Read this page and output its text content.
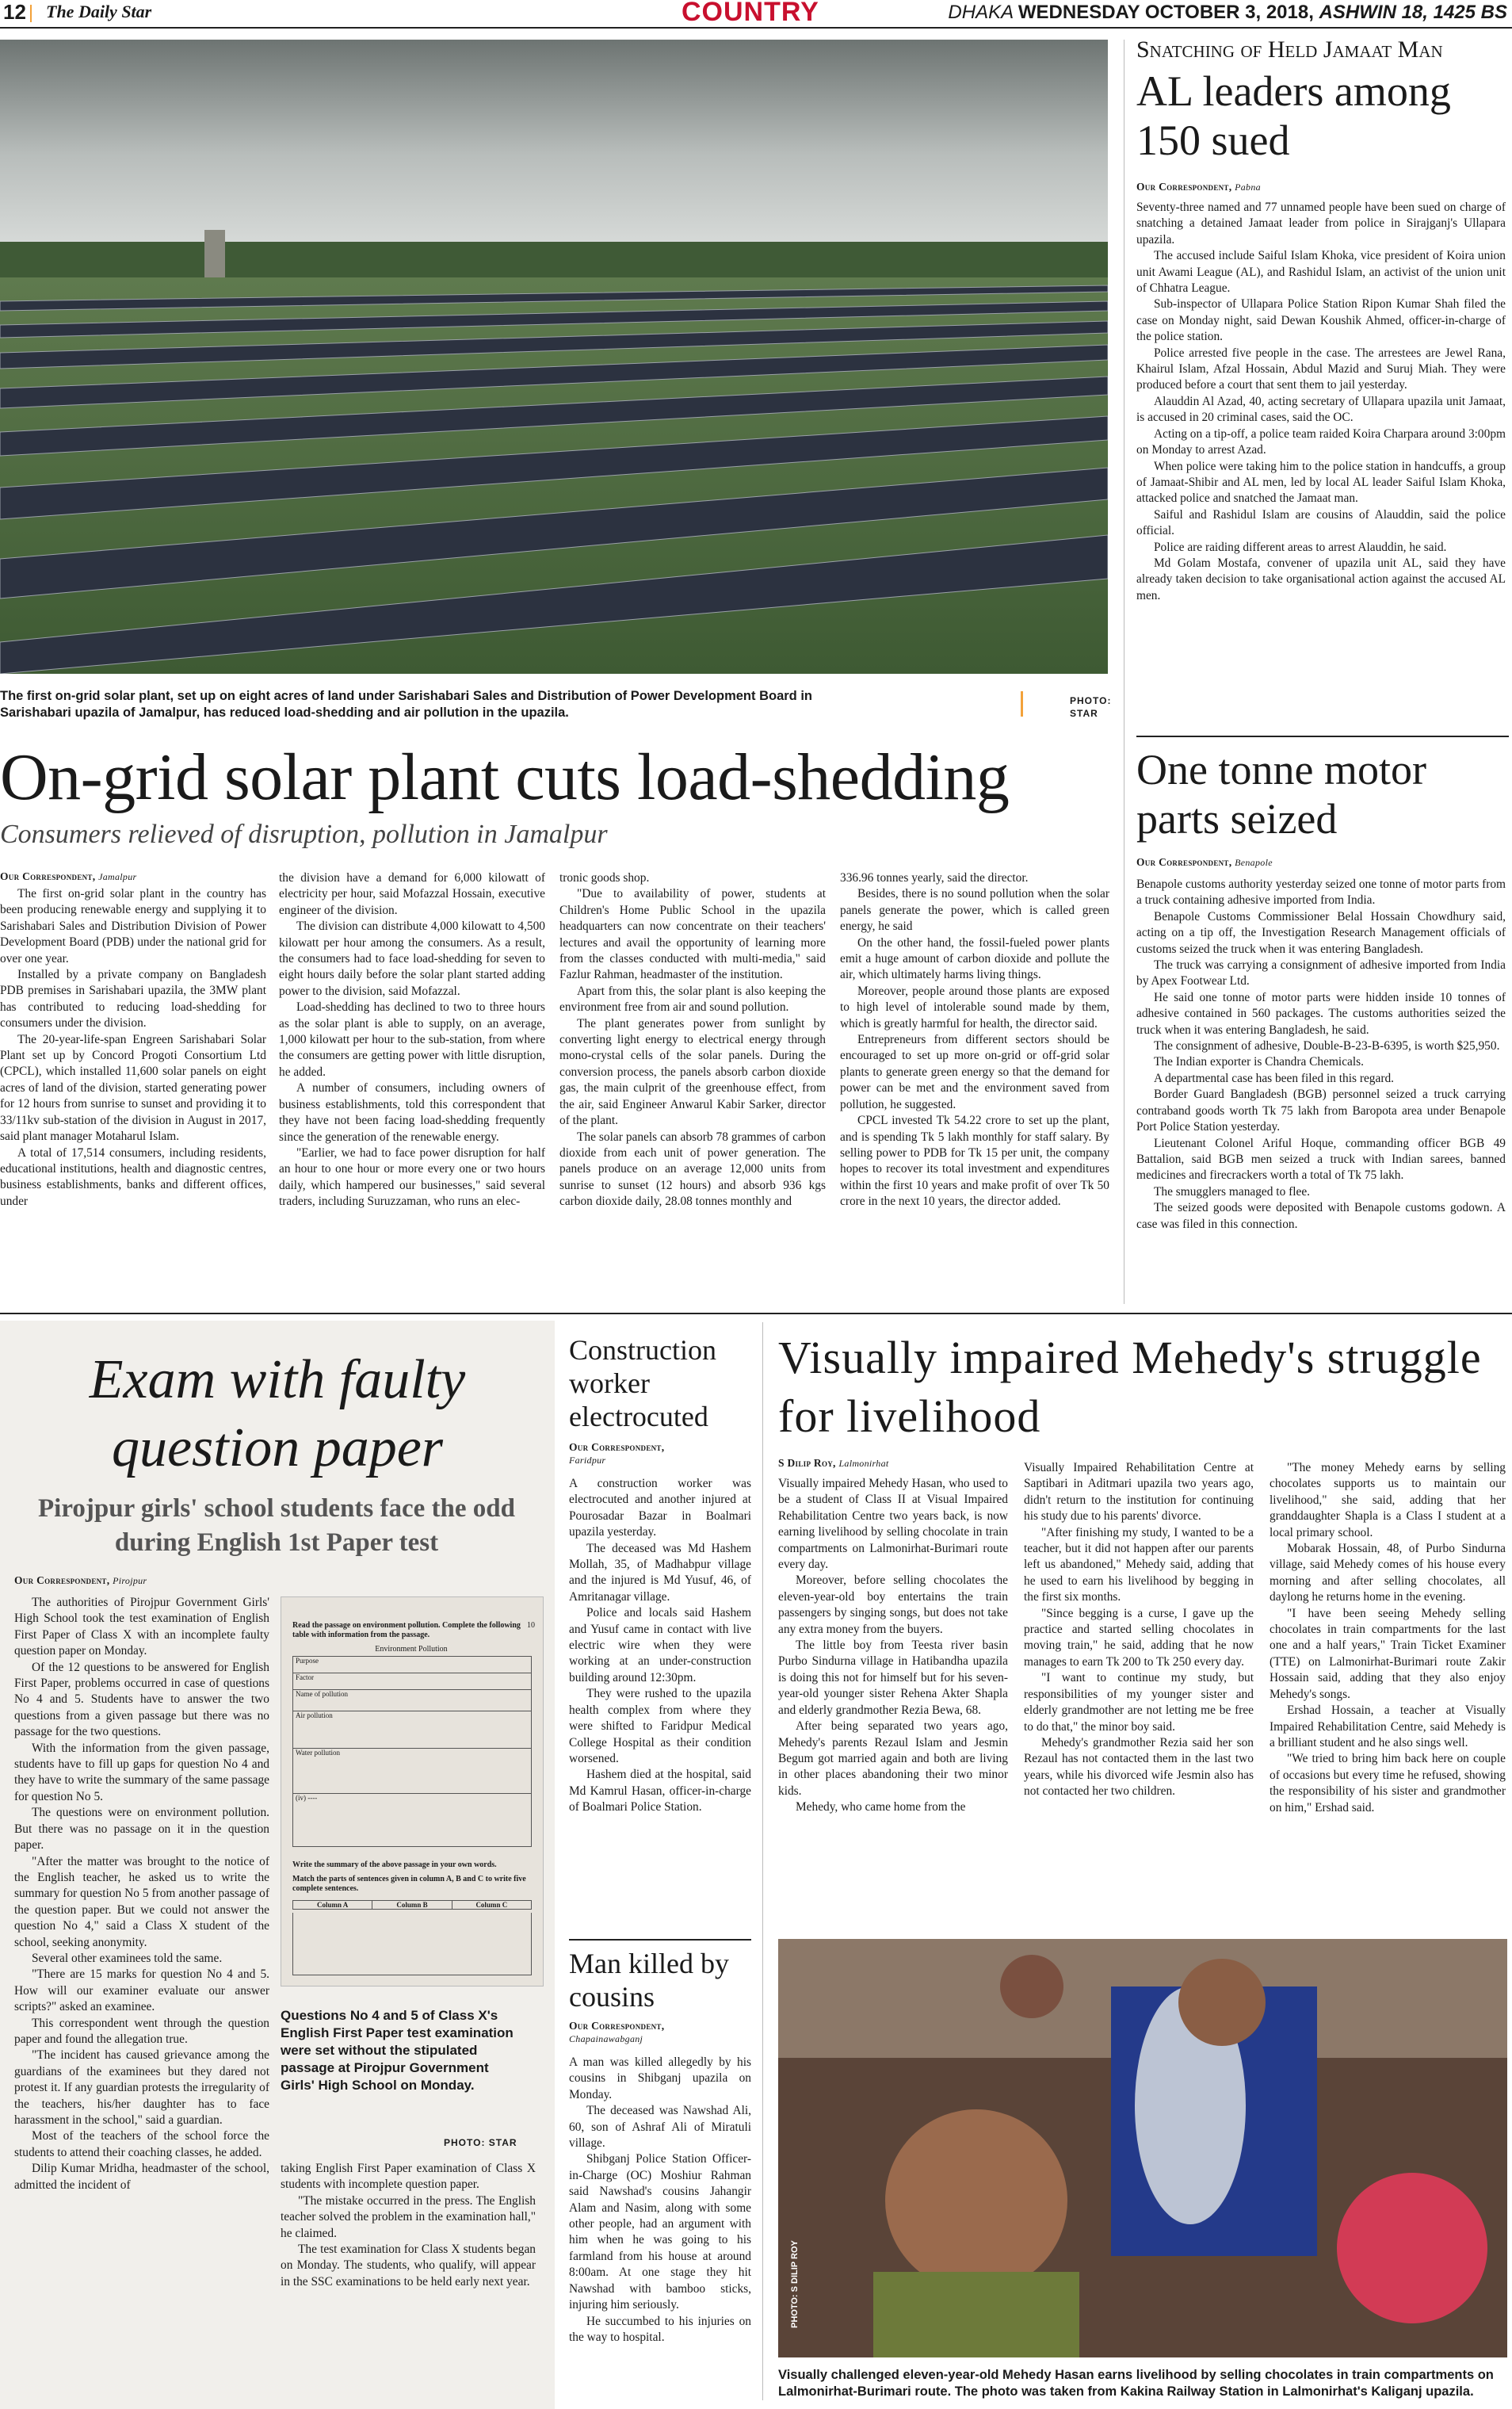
12 The Daily Star	COUNTRY	DHAKA WEDNESDAY OCTOBER 3, 2018, ASHWIN 18, 1425 BS
The first on-grid solar plant, set up on eight acres of land under Sarishabari Sales and Distribution of Power Development Board in Sarishabari upazila of Jamalpur, has reduced load-shedding and air pollution in the upazila.
PHOTO: STAR
On-grid solar plant cuts load-shedding
Consumers relieved of disruption, pollution in Jamalpur
Our Correspondent, Jamalpur

The first on-grid solar plant in the country has been producing renewable energy and supplying it to Sarishabari Sales and Distribution Division of Power Development Board (PDB) under the national grid for over one year.

Installed by a private company on Bangladesh PDB premises in Sarishabari upazila, the 3MW plant has contributed to reducing load-shedding for consumers under the division.

The 20-year-life-span Engreen Sarishabari Solar Plant set up by Concord Progoti Consortium Ltd (CPCL), which installed 11,600 solar panels on eight acres of land of the division, started generating power for 12 hours from sunrise to sunset and providing it to 33/11kv sub-station of the division in August in 2017, said plant manager Motaharul Islam.

A total of 17,514 consumers, including residents, educational institutions, health and diagnostic centres, business establishments, banks and different offices, under

the division have a demand for 6,000 kilowatt of electricity per hour, said Mofazzal Hossain, executive engineer of the division.

The division can distribute 4,000 kilowatt to 4,500 kilowatt per hour among the consumers. As a result, the consumers had to face load-shedding for seven to eight hours daily before the solar plant started adding power to the division, said Mofazzal.

Load-shedding has declined to two to three hours as the solar plant is able to supply, on an average, 1,000 kilowatt per hour to the sub-station, from where the consumers are getting power with little disruption, he added.

A number of consumers, including owners of business establishments, told this correspondent that they have not been facing load-shedding frequently since the generation of the renewable energy.

"Earlier, we had to face power disruption for half an hour to one hour or more every one or two hours daily, which hampered our businesses," said several traders, including Suruzzaman, who runs an elec-

tronic goods shop.

"Due to availability of power, students at Children's Home Public School in the upazila headquarters can now concentrate on their teachers' lectures and avail the opportunity of learning more from the classes conducted with multi-media," said Fazlur Rahman, headmaster of the institution.

Apart from this, the solar plant is also keeping the environment free from air and sound pollution.

The plant generates power from sunlight by converting light energy to electrical energy through mono-crystal cells of the solar panels. During the conversion process, the panels absorb carbon dioxide gas, the main culprit of the greenhouse effect, from the air, said Engineer Anwarul Kabir Sarker, director of the plant.

The solar panels can absorb 78 grammes of carbon dioxide from each unit of power generation. The panels produce on an average 12,000 units from sunrise to sunset (12 hours) and absorb 936 kgs carbon dioxide daily, 28.08 tonnes monthly and

336.96 tonnes yearly, said the director.

Besides, there is no sound pollution when the solar panels generate the power, which is called green energy, he said

On the other hand, the fossil-fueled power plants emit a huge amount of carbon dioxide and pollute the air, which ultimately harms living things.

Moreover, people around those plants are exposed to high level of intolerable sound made by them, which is greatly harmful for health, the director said.

Entrepreneurs from different sectors should be encouraged to set up more on-grid or off-grid solar plants to generate green energy so that the demand for power can be met and the environment saved from pollution, he suggested.

CPCL invested Tk 54.22 crore to set up the plant, and is spending Tk 5 lakh monthly for staff salary. By selling power to PDB for Tk 15 per unit, the company hopes to recover its total investment and expenditures within the first 10 years and make profit of over Tk 50 crore in the next 10 years, the director added.

Snatching of Held Jamaat Man
AL leaders among 150 sued
Our Correspondent, Pabna

Seventy-three named and 77 unnamed people have been sued on charge of snatching a detained Jamaat leader from police in Sirajganj's Ullapara upazila.

The accused include Saiful Islam Khoka, vice president of Koira union unit Awami League (AL), and Rashidul Islam, an activist of the union unit of Chhatra League.

Sub-inspector of Ullapara Police Station Ripon Kumar Shah filed the case on Monday night, said Dewan Koushik Ahmed, officer-in-charge of the police station.

Police arrested five people in the case. The arrestees are Jewel Rana, Khairul Islam, Afzal Hossain, Abdul Mazid and Suruj Miah. They were produced before a court that sent them to jail yesterday.

Alauddin Al Azad, 40, acting secretary of Ullapara upazila unit Jamaat, is accused in 20 criminal cases, said the OC.

Acting on a tip-off, a police team raided Koira Charpara around 3:00pm on Monday to arrest Azad.

When police were taking him to the police station in handcuffs, a group of Jamaat-Shibir and AL men, led by local AL leader Saiful Islam Khoka, attacked police and snatched the Jamaat man.

Saiful and Rashidul Islam are cousins of Alauddin, said the police official.

Police are raiding different areas to arrest Alauddin, he said.

Md Golam Mostafa, convener of upazila unit AL, said they have already taken decision to take organisational action against the accused AL men.

One tonne motor parts seized
Our Correspondent, Benapole

Benapole customs authority yesterday seized one tonne of motor parts from a truck containing adhesive imported from India.

Benapole Customs Commissioner Belal Hossain Chowdhury said, acting on a tip off, the Investigation Research Management officials of customs seized the truck when it was entering Bangladesh.

The truck was carrying a consignment of adhesive imported from India by Apex Footwear Ltd.

He said one tonne of motor parts were hidden inside 10 tonnes of adhesive contained in 560 packages. The customs authorities seized the truck when it was entering Bangladesh, he said.

The consignment of adhesive, Double-B-23-B-6395, is worth $25,950.

The Indian exporter is Chandra Chemicals.

A departmental case has been filed in this regard.

Border Guard Bangladesh (BGB) personnel seized a truck carrying contraband goods worth Tk 75 lakh from Baropota area under Benapole Port Police Station yesterday.

Lieutenant Colonel Ariful Hoque, commanding officer BGB 49 Battalion, said BGB men seized a truck with Indian sarees, banned medicines and firecrackers worth a total of Tk 75 lakh.

The smugglers managed to flee.

The seized goods were deposited with Benapole customs godown. A case was filed in this connection.

Exam with faulty question paper
Pirojpur girls' school students face the odd during English 1st Paper test
Our Correspondent, Pirojpur

The authorities of Pirojpur Government Girls' High School took the test examination of English First Paper of Class X with an incomplete faulty question paper on Monday.

Of the 12 questions to be answered for English First Paper, problems occurred in case of questions No 4 and 5. Students have to answer the two questions from a given passage but there was no passage for the two questions.

With the information from the given passage, students have to fill up gaps for question No 4 and they have to write the summary of the same passage for question No 5.

The questions were on environment pollution. But there was no passage on it in the question paper.

"After the matter was brought to the notice of the English teacher, he asked us to write the summary for question No 5 from another passage of the question paper. But we could not answer the question No 4," said a Class X student of the school, seeking anonymity.

Several other examinees told the same.

"There are 15 marks for question No 4 and 5. How will our examiner evaluate our answer scripts?" asked an examinee.

This correspondent went through the question paper and found the allegation true.

"The incident has caused grievance among the guardians of the examinees but they dared not protest it. If any guardian protests the irregularity of the teachers, his/her daughter has to face harassment in the school," said a guardian.

Most of the teachers of the school force the students to attend their coaching classes, he added.

Dilip Kumar Mridha, headmaster of the school, admitted the incident of

Read the passage on environment pollution. Complete the following table with information from the passage.
10
Environment Pollution
Purpose
Factor
Name of pollution
Air pollution
Water pollution
(iv) ----
Write the summary of the above passage in your own words.
Match the parts of sentences given in column A, B and C to write five complete sentences.
Column A	Column B	Column C
Questions No 4 and 5 of Class X's English First Paper test examination were set without the stipulated passage at Pirojpur Government Girls' High School on Monday.
PHOTO: STAR

taking English First Paper examination of Class X students with incomplete question paper.

"The mistake occurred in the press. The English teacher solved the problem in the examination hall," he claimed.

The test examination for Class X students began on Monday. The students, who qualify, will appear in the SSC examinations to be held early next year.

Construction worker electrocuted
Our Correspondent,
Faridpur

A construction worker was electrocuted and another injured at Pourosadar Bazar in Boalmari upazila yesterday.

The deceased was Md Hashem Mollah, 35, of Madhabpur village and the injured is Md Yusuf, 46, of Amritanagar village.

Police and locals said Hashem and Yusuf came in contact with live electric wire when they were working at an under-construction building around 12:30pm.

They were rushed to the upazila health complex from where they were shifted to Faridpur Medical College Hospital as their condition worsened.

Hashem died at the hospital, said Md Kamrul Hasan, officer-in-charge of Boalmari Police Station.

Man killed by cousins
Our Correspondent,
Chapainawabganj

A man was killed allegedly by his cousins in Shibganj upazila on Monday.

The deceased was Nawshad Ali, 60, son of Ashraf Ali of Miratuli village.

Shibganj Police Station Officer-in-Charge (OC) Moshiur Rahman said Nawshad's cousins Jahangir Alam and Nasim, along with some other people, had an argument with him when he was going to his farmland from his house at around 8:00am. At one stage they hit Nawshad with bamboo sticks, injuring him seriously.

He succumbed to his injuries on the way to hospital.

Visually impaired Mehedy's struggle for livelihood
S Dilip Roy, Lalmonirhat

Visually impaired Mehedy Hasan, who used to be a student of Class II at Visual Impaired Rehabilitation Centre two years back, is now earning livelihood by selling chocolate in train compartments on Lalmonirhat-Burimari route every day.

Moreover, before selling chocolates the eleven-year-old boy entertains the train passengers by singing songs, but does not take any extra money from the buyers.

The little boy from Teesta river basin Purbo Sindurna village in Hatibandha upazila is doing this not for himself but for his seven-year-old younger sister Rehena Akter Shapla and elderly grandmother Rezia Bewa, 68.

After being separated two years ago, Mehedy's parents Rezaul Islam and Jesmin Begum got married again and both are living in other places abandoning their two minor kids.

Mehedy, who came home from the

Visually Impaired Rehabilitation Centre at Saptibari in Aditmari upazila two years ago, didn't return to the institution for continuing his study due to his parents' divorce.

"After finishing my study, I wanted to be a teacher, but it did not happen after our parents left us abandoned," Mehedy said, adding that he used to earn his livelihood by begging in the first six months.

"Since begging is a curse, I gave up the practice and started selling chocolates in moving train," he said, adding that he now manages to earn Tk 200 to Tk 250 every day.

"I want to continue my study, but responsibilities of my younger sister and elderly grandmother are not letting me be free to do that," the minor boy said.

Mehedy's grandmother Rezia said her son Rezaul has not contacted them in the last two years, while his divorced wife Jesmin also has not contacted her two children.

"The money Mehedy earns by selling chocolates supports us to maintain our livelihood," she said, adding that her granddaughter Shapla is a Class I student at a local primary school.

Mobarak Hossain, 48, of Purbo Sindurna village, said Mehedy comes of his house every morning and after selling chocolates, all daylong he returns home in the evening.

"I have been seeing Mehedy selling chocolates in train compartments for the last one and a half years," Train Ticket Examiner (TTE) on Lalmonirhat-Burimari route Zakir Hossain said, adding that they also enjoy Mehedy's songs.

Ershad Hossain, a teacher at Visually Impaired Rehabilitation Centre, said Mehedy is a brilliant student and he also sings well.

"We tried to bring him back here on couple of occasions but every time he refused, showing the responsibility of his sister and grandmother on him," Ershad said.

PHOTO: S DILIP ROY
Visually challenged eleven-year-old Mehedy Hasan earns livelihood by selling chocolates in train compartments on Lalmonirhat-Burimari route. The photo was taken from Kakina Railway Station in Lalmonirhat's Kaliganj upazila.
